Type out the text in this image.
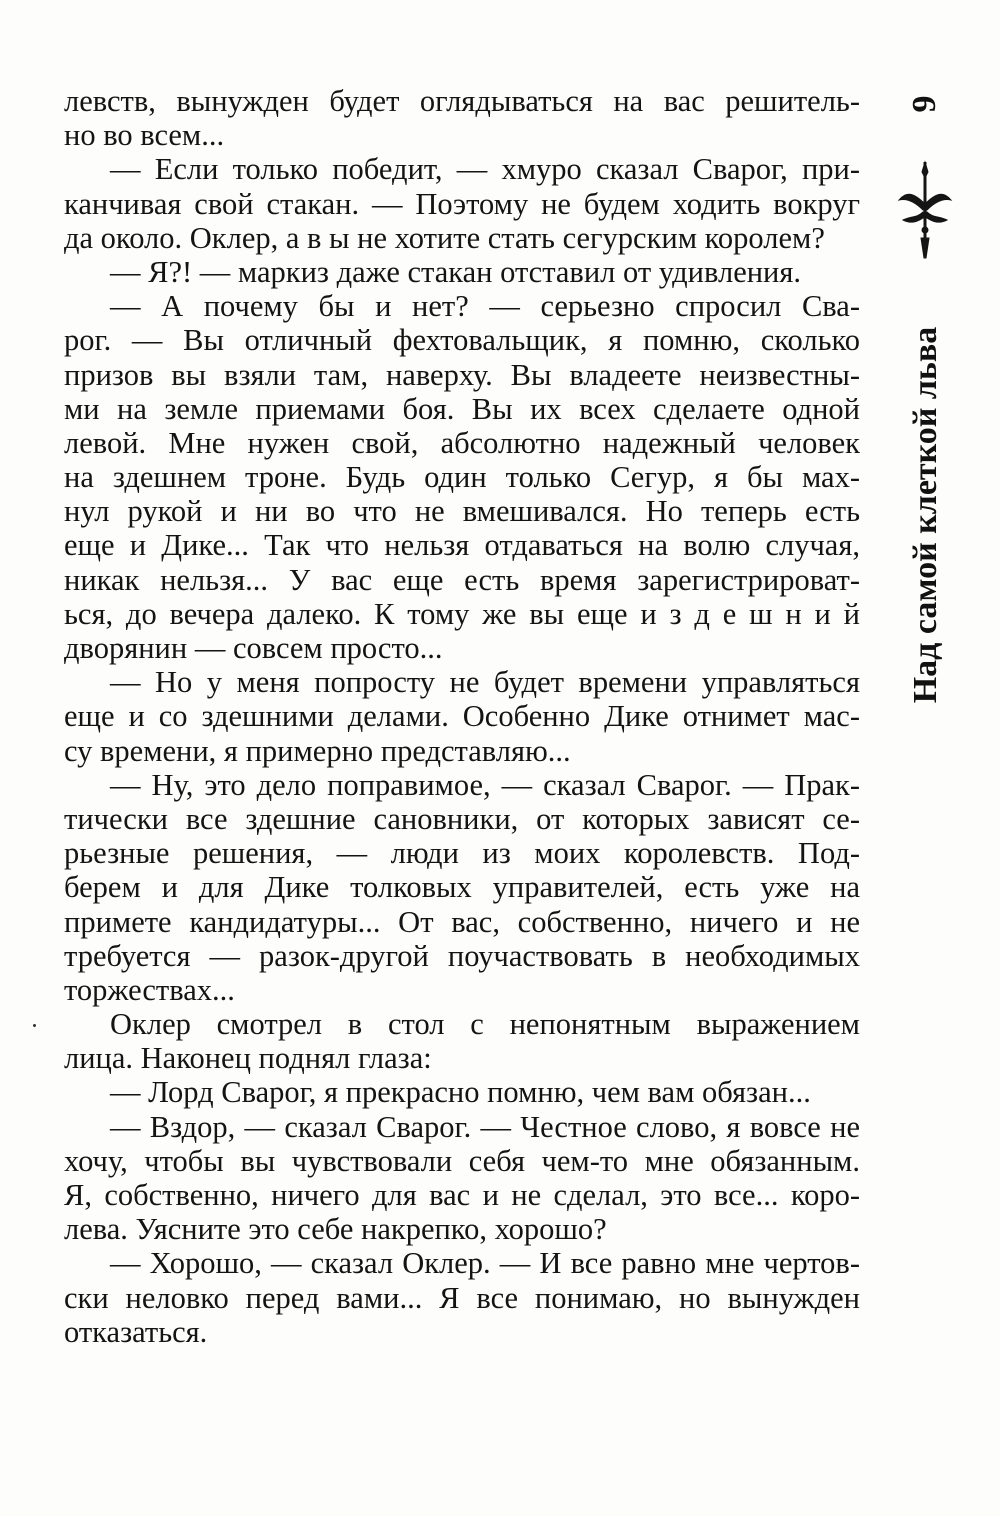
левств, вынужден будет оглядываться на вас решитель-
но во всем...
— Если только победит, — хмуро сказал Сварог, при-
канчивая свой стакан. — Поэтому не будем ходить вокруг
да около. Оклер, а в ы не хотите стать сегурским королем?
— Я?! — маркиз даже стакан отставил от удивления.
— А почему бы и нет? — серьезно спросил Сва-
рог. — Вы отличный фехтовальщик, я помню, сколько
призов вы взяли там, наверху. Вы владеете неизвестны-
ми на земле приемами боя. Вы их всех сделаете одной
левой. Мне нужен свой, абсолютно надежный человек
на здешнем троне. Будь один только Сегур, я бы мах-
нул рукой и ни во что не вмешивался. Но теперь есть
еще и Дике... Так что нельзя отдаваться на волю случая,
никак нельзя... У вас еще есть время зарегистрироват-
ься, до вечера далеко. К тому же вы еще и з д е ш н и й
дворянин — совсем просто...
— Но у меня попросту не будет времени управляться
еще и со здешними делами. Особенно Дике отнимет мас-
су времени, я примерно представляю...
— Ну, это дело поправимое, — сказал Сварог. — Прак-
тически все здешние сановники, от которых зависят се-
рьезные решения, — люди из моих королевств. Под-
берем и для Дике толковых управителей, есть уже на
примете кандидатуры... От вас, собственно, ничего и не
требуется — разок-другой поучаствовать в необходимых
торжествах...
Оклер смотрел в стол с непонятным выражением
лица. Наконец поднял глаза:
— Лорд Сварог, я прекрасно помню, чем вам обязан...
— Вздор, — сказал Сварог. — Честное слово, я вовсе не
хочу, чтобы вы чувствовали себя чем-то мне обязанным.
Я, собственно, ничего для вас и не сделал, это все... коро-
лева. Уясните это себе накрепко, хорошо?
— Хорошо, — сказал Оклер. — И все равно мне чертов-
ски неловко перед вами... Я все понимаю, но вынужден
отказаться.
9
Над самой клеткой льва
